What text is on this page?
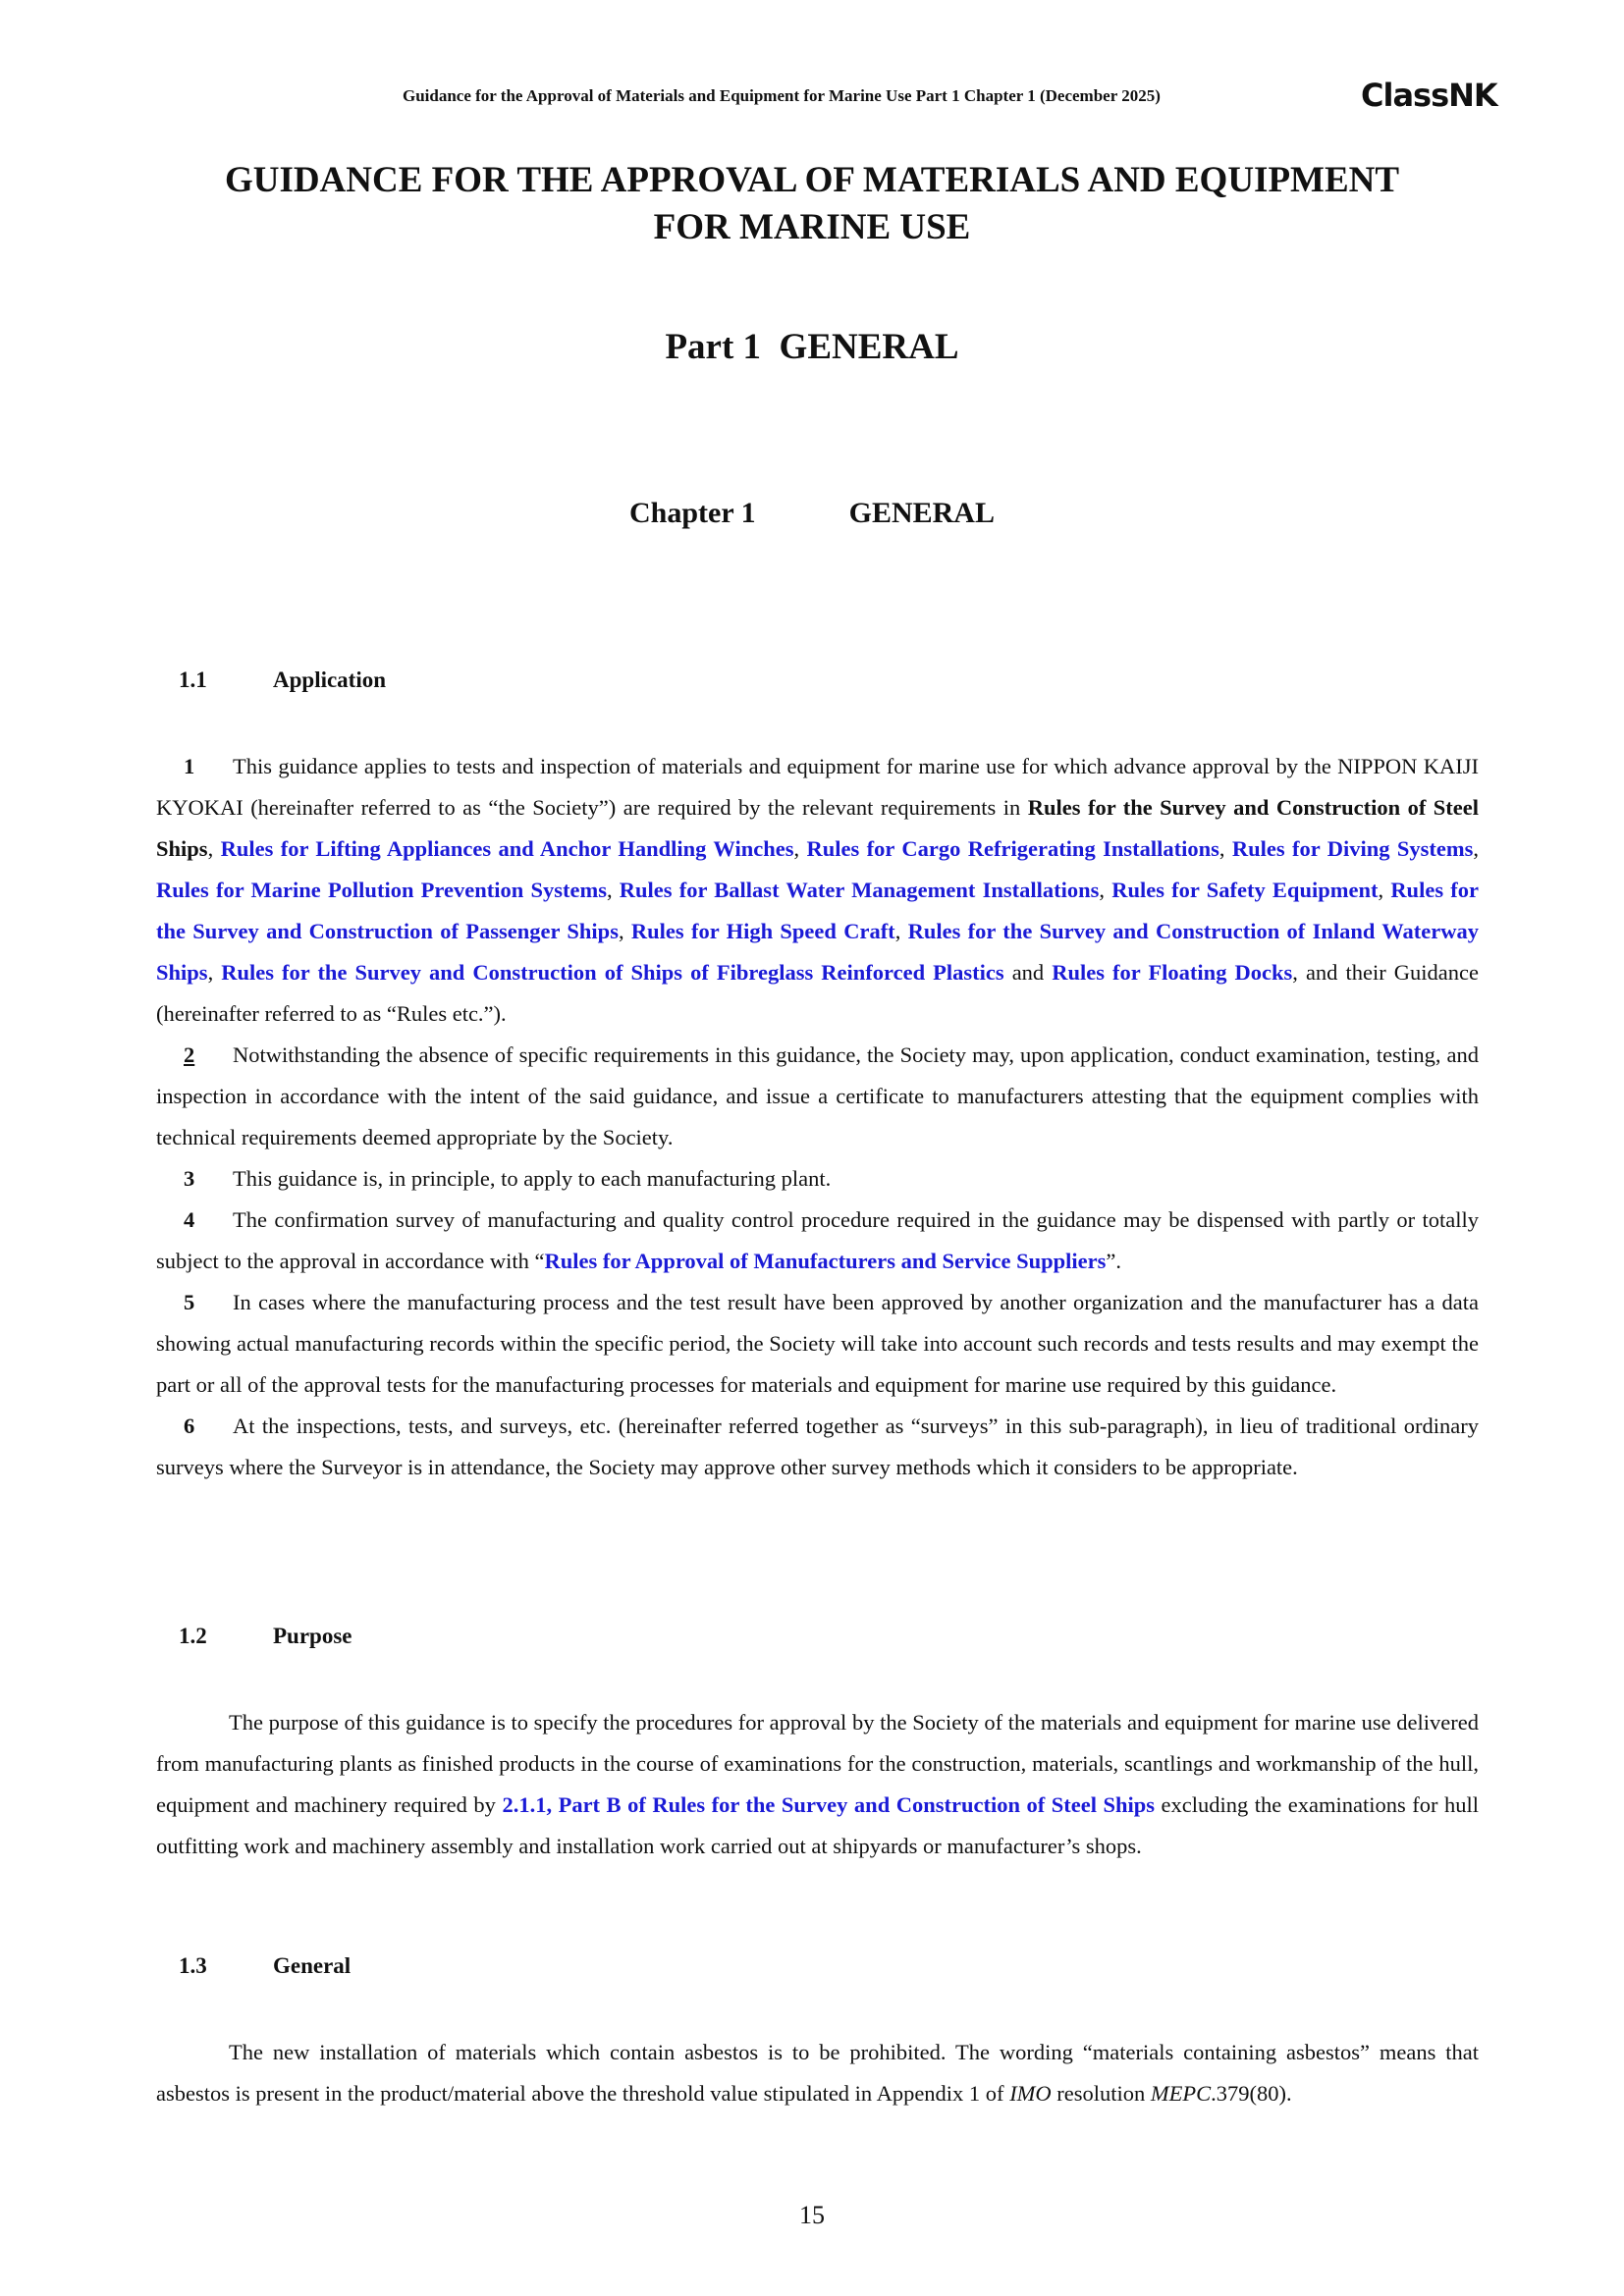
Guidance for the Approval of Materials and Equipment for Marine Use Part 1 Chapter 1 (December 2025)	ClassNK
GUIDANCE FOR THE APPROVAL OF MATERIALS AND EQUIPMENT
FOR MARINE USE
Part 1  GENERAL
Chapter 1	GENERAL
1.1	Application

1 This guidance applies to tests and inspection of materials and equipment for marine use for which advance approval by the NIPPON KAIJI KYOKAI (hereinafter referred to as “the Society”) are required by the relevant requirements in Rules for the Survey and Construction of Steel Ships, Rules for Lifting Appliances and Anchor Handling Winches, Rules for Cargo Refrigerating Installations, Rules for Diving Systems, Rules for Marine Pollution Prevention Systems, Rules for Ballast Water Management Installations, Rules for Safety Equipment, Rules for the Survey and Construction of Passenger Ships, Rules for High Speed Craft, Rules for the Survey and Construction of Inland Waterway Ships, Rules for the Survey and Construction of Ships of Fibreglass Reinforced Plastics and Rules for Floating Docks, and their Guidance (hereinafter referred to as “Rules etc.”).

2 Notwithstanding the absence of specific requirements in this guidance, the Society may, upon application, conduct examination, testing, and inspection in accordance with the intent of the said guidance, and issue a certificate to manufacturers attesting that the equipment complies with technical requirements deemed appropriate by the Society.

3 This guidance is, in principle, to apply to each manufacturing plant.

4 The confirmation survey of manufacturing and quality control procedure required in the guidance may be dispensed with partly or totally subject to the approval in accordance with “Rules for Approval of Manufacturers and Service Suppliers”.

5 In cases where the manufacturing process and the test result have been approved by another organization and the manufacturer has a data showing actual manufacturing records within the specific period, the Society will take into account such records and tests results and may exempt the part or all of the approval tests for the manufacturing processes for materials and equipment for marine use required by this guidance.

6 At the inspections, tests, and surveys, etc. (hereinafter referred together as “surveys” in this sub-paragraph), in lieu of traditional ordinary surveys where the Surveyor is in attendance, the Society may approve other survey methods which it considers to be appropriate.

1.2	Purpose

The purpose of this guidance is to specify the procedures for approval by the Society of the materials and equipment for marine use delivered from manufacturing plants as finished products in the course of examinations for the construction, materials, scantlings and workmanship of the hull, equipment and machinery required by 2.1.1, Part B of Rules for the Survey and Construction of Steel Ships excluding the examinations for hull outfitting work and machinery assembly and installation work carried out at shipyards or manufacturer’s shops.

1.3	General

The new installation of materials which contain asbestos is to be prohibited. The wording “materials containing asbestos” means that asbestos is present in the product/material above the threshold value stipulated in Appendix 1 of IMO resolution MEPC.379(80).

15
